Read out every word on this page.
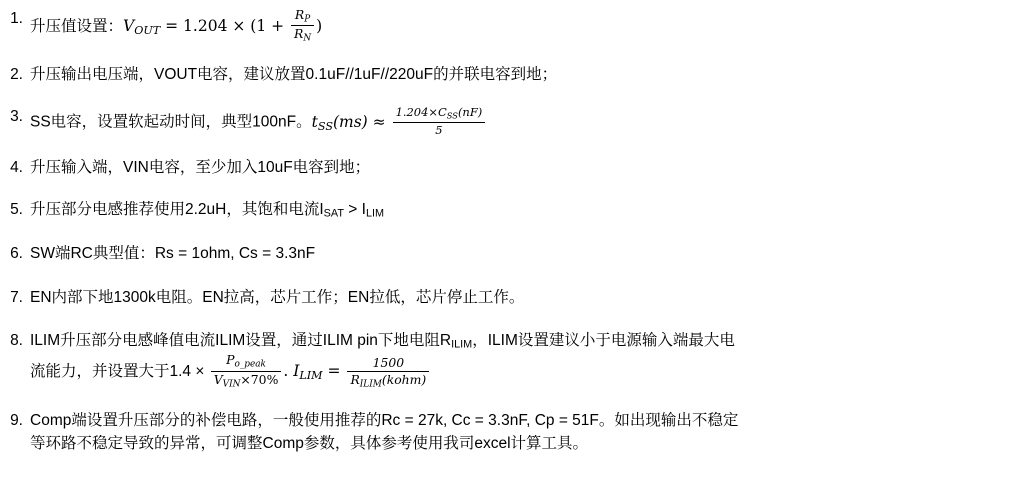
1. 升压值设置：$V_{OUT} = 1.204 \times (1 + \frac{R_P}{R_N}$ )
2. 升压输出电压端，VOUT电容，建议放置0.1uF//1uF//220uF的并联电容到地；
3. SS电容，设置软起动时间，典型100nF。$t_{SS}(ms) \approx \frac{1.204\times C_{SS}(nF)}{5}$
4. 升压输入端，VIN电容，至少加入10uF电容到地；
5. 升压部分电感推荐使用2.2uH，其饱和电流ISAT > ILIM
6. SW端RC典型值：Rs = 1ohm, Cs = 3.3nF
7. EN内部下地1300k电阻。EN拉高，芯片工作；EN拉低，芯片停止工作。
8. ILIM升压部分电感峰值电流ILIM设置，通过ILIM pin下地电阻RILIM，ILIM设置建议小于电源输入端最大电
流能力，并设置大于$1.4 \times \frac{P_{o\_peak}}{V_{VIN}\times 70\%}$ . $I_{LIM} = \frac{1500}{R_{ILIM}(kohm)}$
9. Comp端设置升压部分的补偿电路，一般使用推荐的Rc = 27k, Cc = 3.3nF, Cp = 51F。如出现输出不稳定
等环路不稳定导致的异常，可调整Comp参数，具体参考使用我司excel计算工具。
